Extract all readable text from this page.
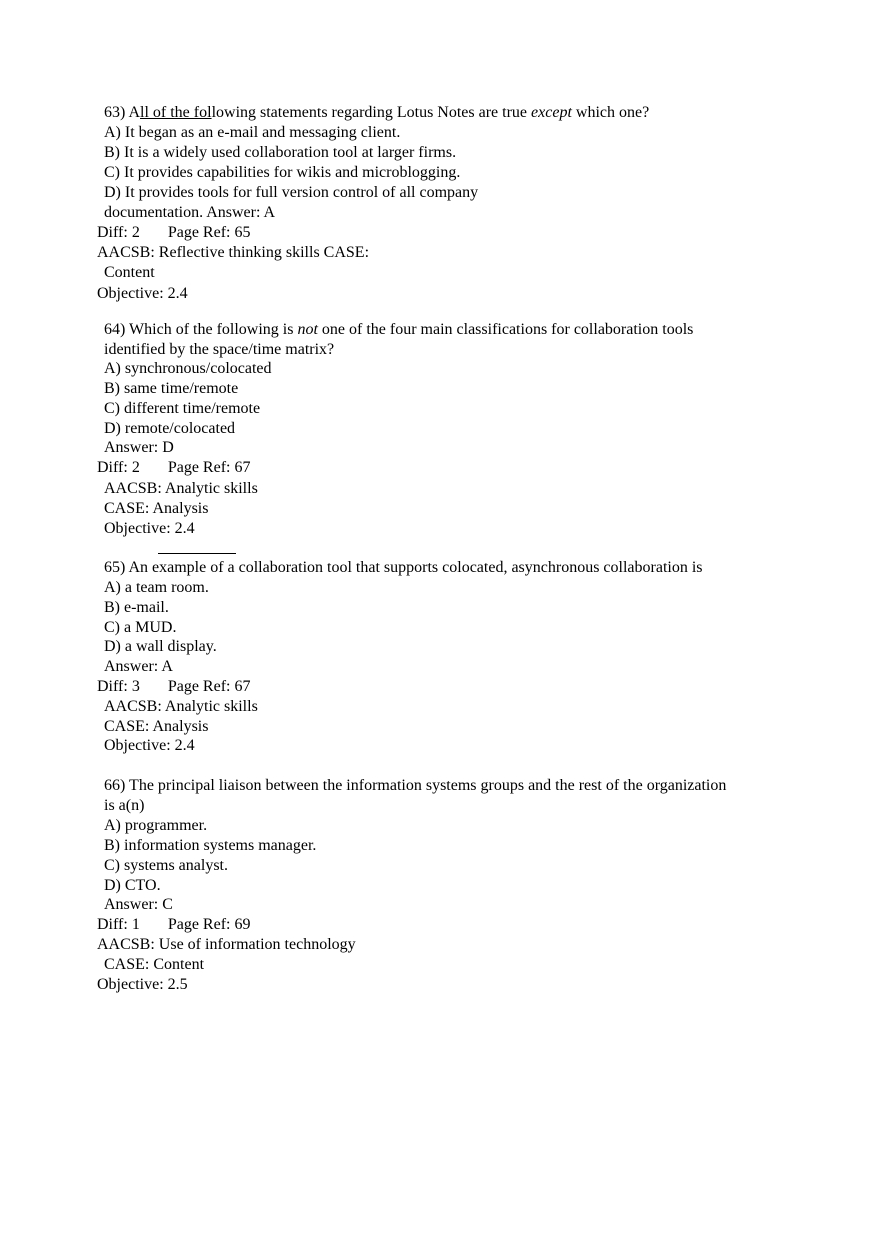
63) All of the following statements regarding Lotus Notes are true except which one?
A) It began as an e-mail and messaging client.
B) It is a widely used collaboration tool at larger firms.
C) It provides capabilities for wikis and microblogging.
D) It provides tools for full version control of all company
documentation. Answer: A
Diff: 2 Page Ref: 65
AACSB: Reflective thinking skills CASE:
Content
Objective: 2.4
64) Which of the following is not one of the four main classifications for collaboration tools
identified by the space/time matrix?
A) synchronous/colocated
B) same time/remote
C) different time/remote
D) remote/colocated
Answer: D
Diff: 2 Page Ref: 67
AACSB: Analytic skills
CASE: Analysis
Objective: 2.4
65) An example of a collaboration tool that supports colocated, asynchronous collaboration is
A) a team room.
B) e-mail.
C) a MUD.
D) a wall display.
Answer: A
Diff: 3 Page Ref: 67
AACSB: Analytic skills
CASE: Analysis
Objective: 2.4
66) The principal liaison between the information systems groups and the rest of the organization
is a(n)
A) programmer.
B) information systems manager.
C) systems analyst.
D) CTO.
Answer: C
Diff: 1 Page Ref: 69
AACSB: Use of information technology
CASE: Content
Objective: 2.5
